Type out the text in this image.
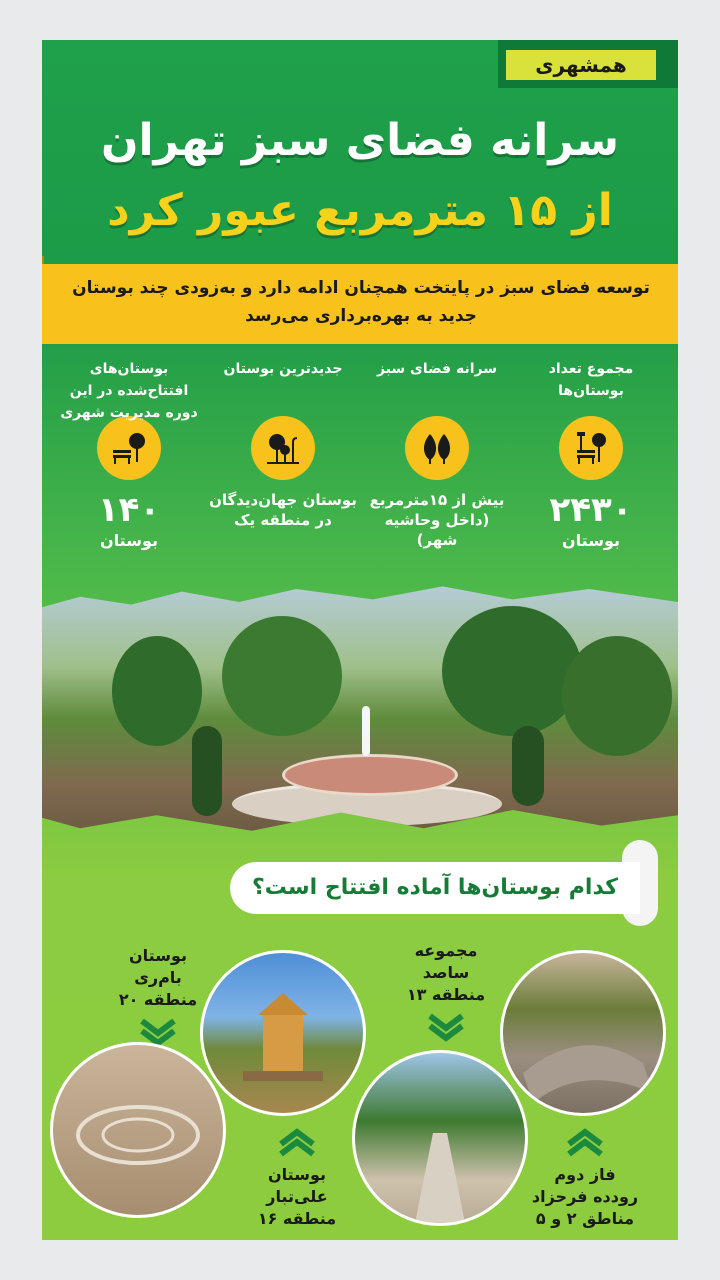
همشهری
سرانه فضای سبز تهران
از ۱۵ مترمربع عبور کرد
توسعه فضای سبز در پایتخت همچنان ادامه دارد و به‌زودی چند بوستان جدید به بهره‌برداری می‌رسد
مجموع تعداد بوستان‌ها
۲۴۳۰
بوستان
سرانه فضای سبز
بیش از ۱۵مترمربع (داخل وحاشیه شهر)
جدیدترین بوستان
بوستان جهان‌دیدگان در منطقه یک
بوستان‌های افتتاح‌شده در این دوره مدیریت شهری
۱۴۰
بوستان
کدام بوستان‌ها آماده افتتاح است؟
بوستان
بام‌ری
منطقه ۲۰
بوستان
علی‌تبار
منطقه ۱۶
مجموعه
ساصد
منطقه ۱۳
فاز دوم
رودده فرحزاد
مناطق ۲ و ۵
